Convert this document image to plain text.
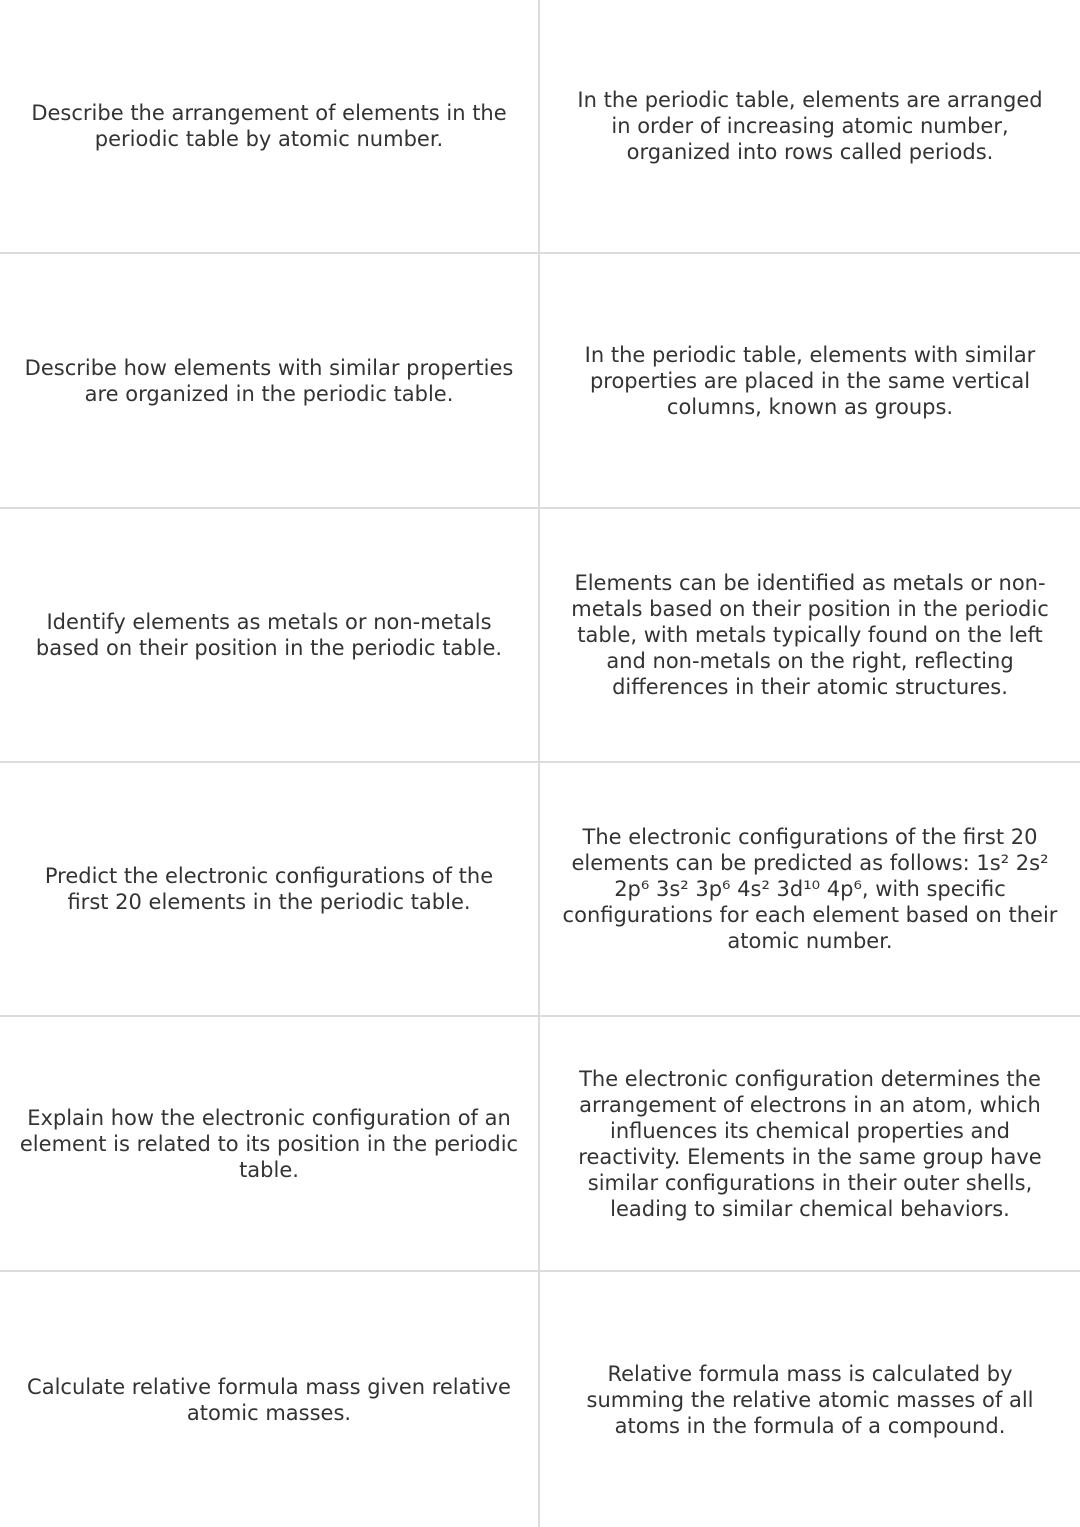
Describe the arrangement of elements in the periodic table by atomic number.
In the periodic table, elements are arranged in order of increasing atomic number, organized into rows called periods.
Describe how elements with similar properties are organized in the periodic table.
In the periodic table, elements with similar properties are placed in the same vertical columns, known as groups.
Identify elements as metals or non-metals based on their position in the periodic table.
Elements can be identified as metals or non-metals based on their position in the periodic table, with metals typically found on the left and non-metals on the right, reflecting differences in their atomic structures.
Predict the electronic configurations of the first 20 elements in the periodic table.
The electronic configurations of the first 20 elements can be predicted as follows: 1s² 2s² 2p⁶ 3s² 3p⁶ 4s² 3d¹⁰ 4p⁶, with specific configurations for each element based on their atomic number.
Explain how the electronic configuration of an element is related to its position in the periodic table.
The electronic configuration determines the arrangement of electrons in an atom, which influences its chemical properties and reactivity. Elements in the same group have similar configurations in their outer shells, leading to similar chemical behaviors.
Calculate relative formula mass given relative atomic masses.
Relative formula mass is calculated by summing the relative atomic masses of all atoms in the formula of a compound.
